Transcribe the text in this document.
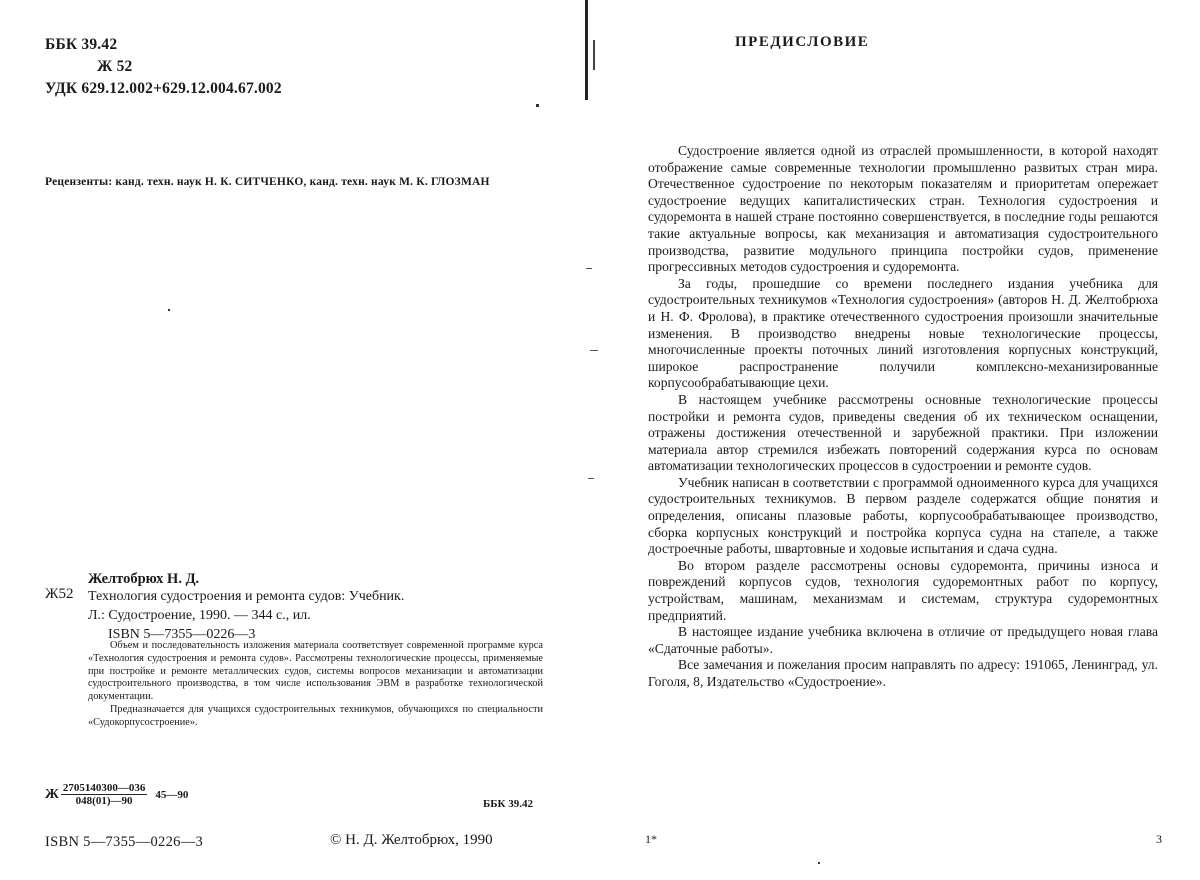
ББК 39.42
Ж 52
УДК 629.12.002+629.12.004.67.002
Рецензенты: канд. техн. наук Н. К. СИТЧЕНКО, канд. техн. наук М. К. ГЛОЗМАН
Желтобрюх Н. Д.
Ж52 Технология судостроения и ремонта судов: Учебник.
Л.: Судостроение, 1990. — 344 с., ил.
ISBN 5—7355—0226—3

Объем и последовательность изложения материала соответствует современной программе курса «Технология судостроения и ремонта судов». Рассмотрены технологические процессы, применяемые при постройке и ремонте металлических судов, системы вопросов механизации и автоматизации судостроительного производства, в том числе использования ЭВМ в разработке технологической документации.

Предназначается для учащихся судостроительных техникумов, обучающихся по специальности «Судокорпусостроение».

Ж 2705140300—036
048(01)—90
45—90
ББК 39.42
ISBN 5—7355—0226—3	© Н. Д. Желтобрюх, 1990
ПРЕДИСЛОВИЕ

Судостроение является одной из отраслей промышленности, в которой находят отображение самые современные технологии промышленно развитых стран мира. Отечественное судостроение по некоторым показателям и приоритетам опережает судостроение ведущих капиталистических стран. Технология судостроения и судоремонта в нашей стране постоянно совершенствуется, в последние годы решаются такие актуальные вопросы, как механизация и автоматизация судостроительного производства, развитие модульного принципа постройки судов, применение прогрессивных методов судостроения и судоремонта.

За годы, прошедшие со времени последнего издания учебника для судостроительных техникумов «Технология судостроения» (авторов Н. Д. Желтобрюха и Н. Ф. Фролова), в практике отечественного судостроения произошли значительные изменения. В производство внедрены новые технологические процессы, многочисленные проекты поточных линий изготовления корпусных конструкций, широкое распространение получили комплексно-механизированные корпусообрабатывающие цехи.

В настоящем учебнике рассмотрены основные технологические процессы постройки и ремонта судов, приведены сведения об их техническом оснащении, отражены достижения отечественной и зарубежной практики. При изложении материала автор стремился избежать повторений содержания курса по основам автоматизации технологических процессов в судостроении и ремонте судов.

Учебник написан в соответствии с программой одноименного курса для учащихся судостроительных техникумов. В первом разделе содержатся общие понятия и определения, описаны плазовые работы, корпусообрабатывающее производство, сборка корпусных конструкций и постройка корпуса судна на стапеле, а также достроечные работы, швартовные и ходовые испытания и сдача судна.

Во втором разделе рассмотрены основы судоремонта, причины износа и повреждений корпусов судов, технология судоремонтных работ по корпусу, устройствам, машинам, механизмам и системам, структура судоремонтных предприятий.

В настоящее издание учебника включена в отличие от предыдущего новая глава «Сдаточные работы».

Все замечания и пожелания просим направлять по адресу: 191065, Ленинград, ул. Гоголя, 8, Издательство «Судостроение».

1*	3
